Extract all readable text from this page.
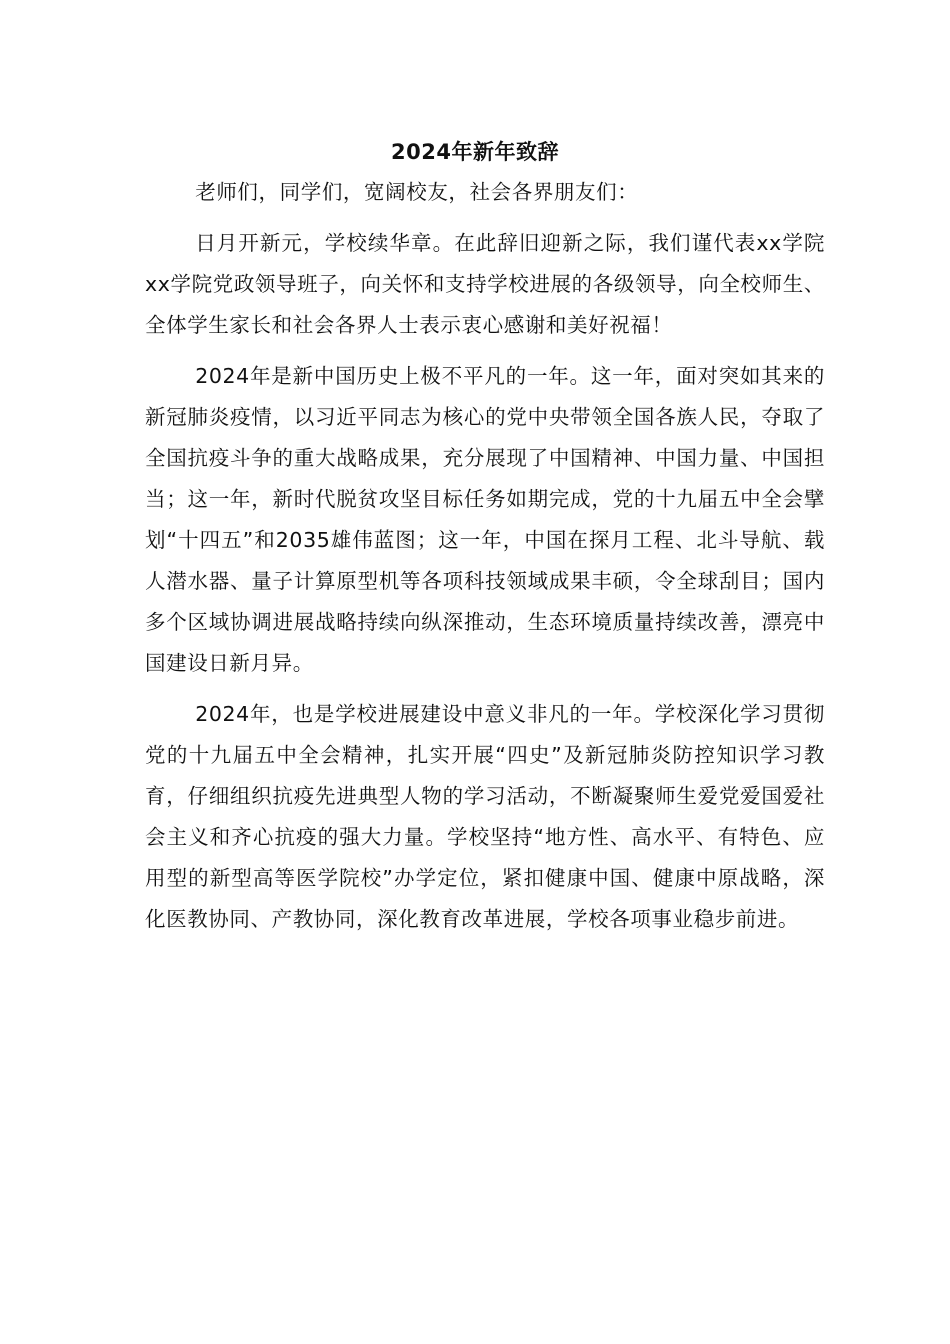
2024年新年致辞

老师们，同学们，宽阔校友，社会各界朋友们：

日月开新元，学校续华章。在此辞旧迎新之际，我们谨代表xx学院xx学院党政领导班子，向关怀和支持学校进展的各级领导，向全校师生、全体学生家长和社会各界人士表示衷心感谢和美好祝福！

2024年是新中国历史上极不平凡的一年。这一年，面对突如其来的新冠肺炎疫情，以习近平同志为核心的党中央带领全国各族人民，夺取了全国抗疫斗争的重大战略成果，充分展现了中国精神、中国力量、中国担当；这一年，新时代脱贫攻坚目标任务如期完成，党的十九届五中全会擘划“十四五”和2035雄伟蓝图；这一年，中国在探月工程、北斗导航、载人潜水器、量子计算原型机等各项科技领域成果丰硕，令全球刮目；国内多个区域协调进展战略持续向纵深推动，生态环境质量持续改善，漂亮中国建设日新月异。

2024年，也是学校进展建设中意义非凡的一年。学校深化学习贯彻党的十九届五中全会精神，扎实开展“四史”及新冠肺炎防控知识学习教育，仔细组织抗疫先进典型人物的学习活动，不断凝聚师生爱党爱国爱社会主义和齐心抗疫的强大力量。学校坚持“地方性、高水平、有特色、应用型的新型高等医学院校”办学定位，紧扣健康中国、健康中原战略，深化医教协同、产教协同，深化教育改革进展，学校各项事业稳步前进。
